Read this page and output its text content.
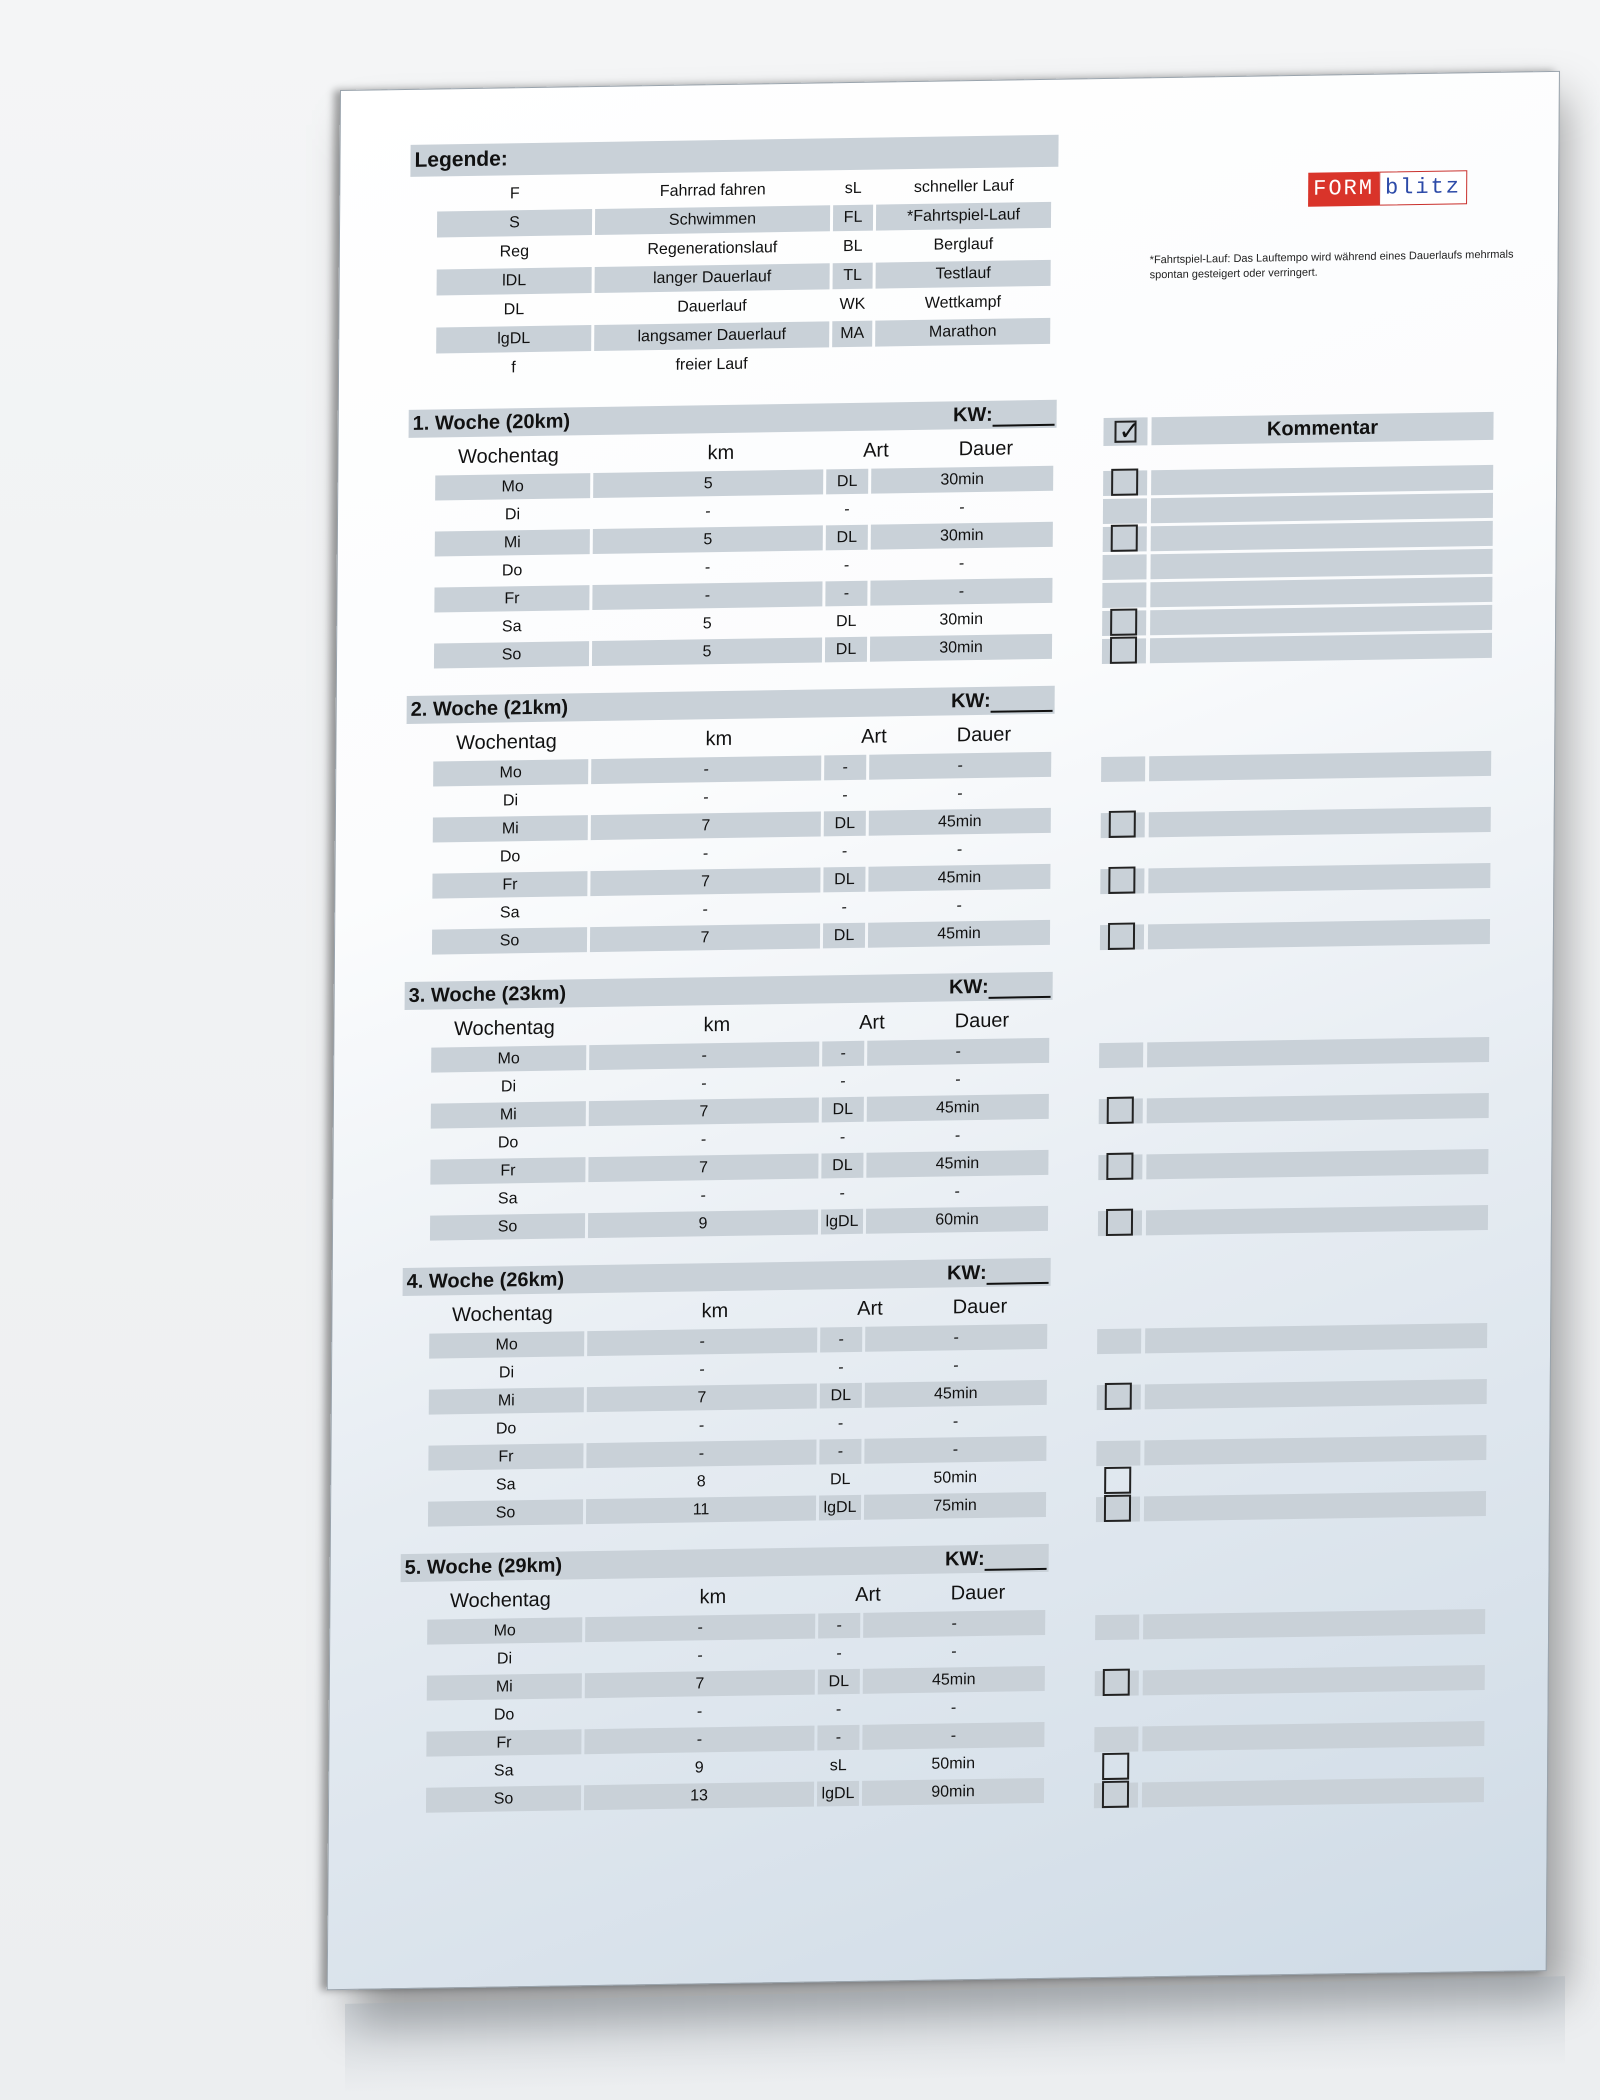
Legende:
F	Fahrrad fahren	sL	schneller Lauf
S	Schwimmen	FL	*Fahrtspiel-Lauf
Reg	Regenerationslauf	BL	Berglauf
lDL	langer Dauerlauf	TL	Testlauf
DL	Dauerlauf	WK	Wettkampf
lgDL	langsamer Dauerlauf	MA	Marathon
f	freier Lauf
FORM blitz
*Fahrtspiel-Lauf: Das Lauftempo wird während eines Dauerlaufs mehrmals spontan gesteigert oder verringert.
1. Woche (20km)	KW:
Wochentag	km	Art	Dauer
Mo	5	DL	30min
Di	-	-	-
Mi	5	DL	30min
Do	-	-	-
Fr	-	-	-
Sa	5	DL	30min
So	5	DL	30min
✓
Kommentar
2. Woche (21km)	KW:
Wochentag	km	Art	Dauer
Mo	-	-	-
Di	-	-	-
Mi	7	DL	45min
Do	-	-	-
Fr	7	DL	45min
Sa	-	-	-
So	7	DL	45min
3. Woche (23km)	KW:
Wochentag	km	Art	Dauer
Mo	-	-	-
Di	-	-	-
Mi	7	DL	45min
Do	-	-	-
Fr	7	DL	45min
Sa	-	-	-
So	9	lgDL	60min
4. Woche (26km)	KW:
Wochentag	km	Art	Dauer
Mo	-	-	-
Di	-	-	-
Mi	7	DL	45min
Do	-	-	-
Fr	-	-	-
Sa	8	DL	50min
So	11	lgDL	75min
5. Woche (29km)	KW:
Wochentag	km	Art	Dauer
Mo	-	-	-
Di	-	-	-
Mi	7	DL	45min
Do	-	-	-
Fr	-	-	-
Sa	9	sL	50min
So	13	lgDL	90min
